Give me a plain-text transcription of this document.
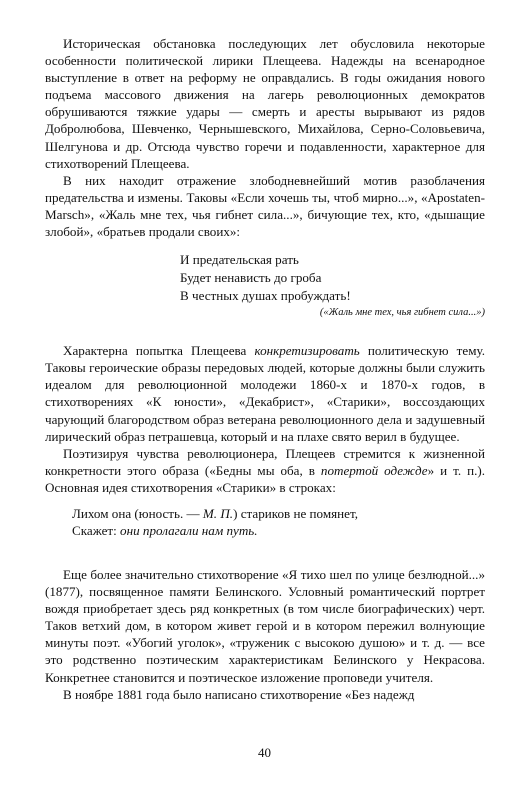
Историческая обстановка последующих лет обусловила некоторые особенности политической лирики Плещеева. Надежды на всенародное выступление в ответ на реформу не оправдались. В годы ожидания нового подъема массового движения на лагерь революционных демократов обрушиваются тяжкие удары — смерть и аресты вырывают из рядов Добролюбова, Шевченко, Чернышевского, Михайлова, Серно-Соловьевича, Шелгунова и др. Отсюда чувство горечи и подавленности, характерное для стихотворений Плещеева.

В них находит отражение злободневнейший мотив разоблачения предательства и измены. Таковы «Если хочешь ты, чтоб мирно...», «Apostaten-Marsch», «Жаль мне тех, чья гибнет сила...», бичующие тех, кто, «дышащие злобой», «братьев продали своих»:

И предательская рать
Будет ненависть до гроба
В честных душах пробуждать!
(«Жаль мне тех, чья гибнет сила...»)

Характерна попытка Плещеева конкретизировать политическую тему. Таковы героические образы передовых людей, которые должны были служить идеалом для революционной молодежи 1860-х и 1870-х годов, в стихотворениях «К юности», «Декабрист», «Старики», воссоздающих чарующий благородством образ ветерана революционного дела и задушевный лирический образ петрашевца, который и на плахе свято верил в будущее.

Поэтизируя чувства революционера, Плещеев стремится к жизненной конкретности этого образа («Бедны мы оба, в потертой одежде» и т. п.). Основная идея стихотворения «Старики» в строках:

Лихом она (юность. — М. П.) стариков не помянет,
Скажет: они пролагали нам путь.

Еще более значительно стихотворение «Я тихо шел по улице безлюдной...» (1877), посвященное памяти Белинского. Условный романтический портрет вождя приобретает здесь ряд конкретных (в том числе биографических) черт. Таков ветхий дом, в котором живет герой и в котором пережил волнующие минуты поэт. «Убогий уголок», «труженик с высокою душою» и т. д. — все это родственно поэтическим характеристикам Белинского у Некрасова. Конкретнее становится и поэтическое изложение проповеди учителя.

В ноябре 1881 года было написано стихотворение «Без надежд

40
